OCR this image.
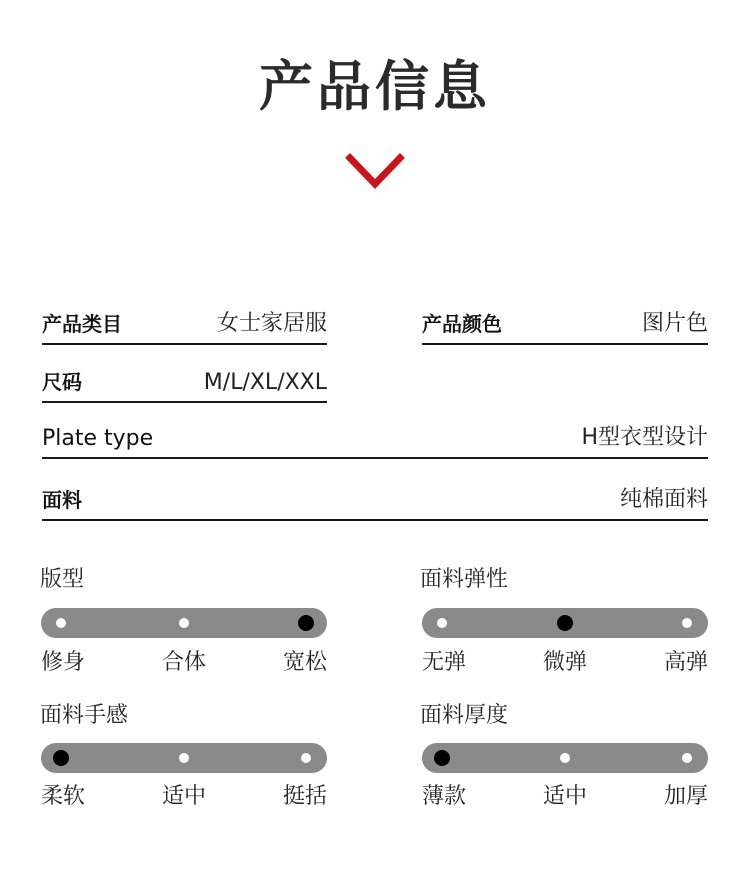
产品信息
产品类目	女士家居服	产品颜色	图片色
尺码	M/L/XL/XXL
Plate type	H型衣型设计
面料	纯棉面料
版型
修身	合体	宽松
面料弹性
无弹	微弹	高弹
面料手感
柔软	适中	挺括
面料厚度
薄款	适中	加厚
